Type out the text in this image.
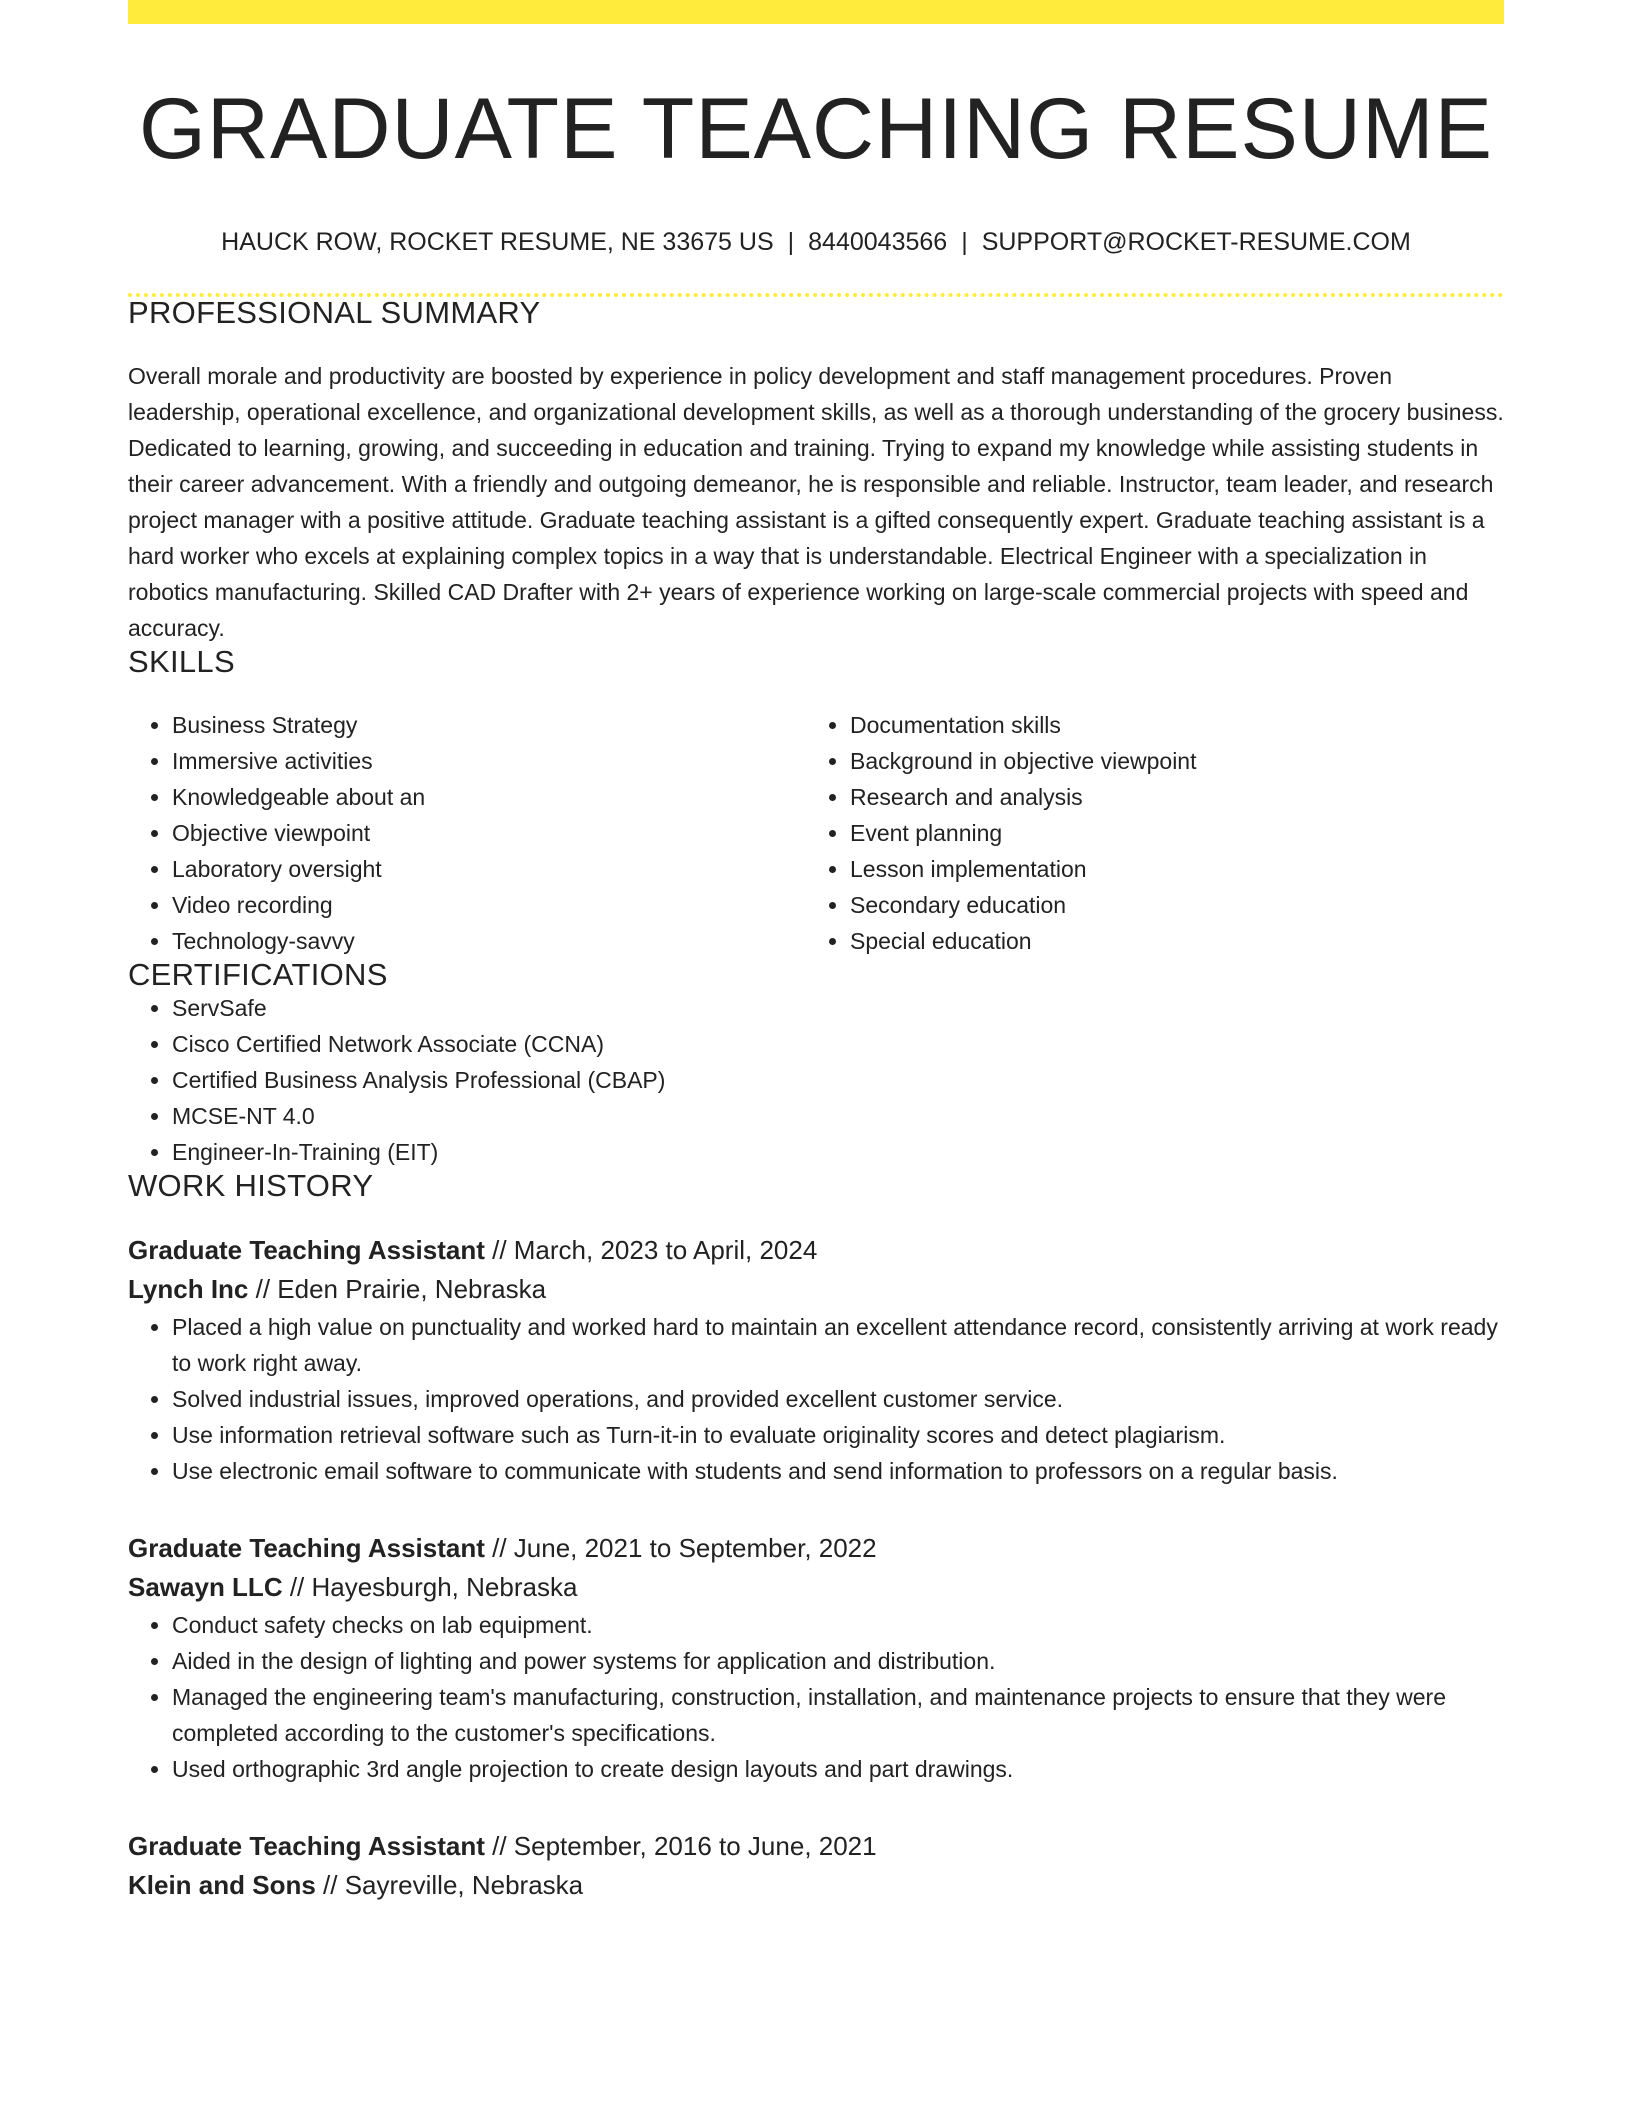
GRADUATE TEACHING RESUME
HAUCK ROW, ROCKET RESUME, NE 33675 US | 8440043566 | SUPPORT@ROCKET-RESUME.COM
PROFESSIONAL SUMMARY
Overall morale and productivity are boosted by experience in policy development and staff management procedures. Proven leadership, operational excellence, and organizational development skills, as well as a thorough understanding of the grocery business. Dedicated to learning, growing, and succeeding in education and training. Trying to expand my knowledge while assisting students in their career advancement. With a friendly and outgoing demeanor, he is responsible and reliable. Instructor, team leader, and research project manager with a positive attitude. Graduate teaching assistant is a gifted consequently expert. Graduate teaching assistant is a hard worker who excels at explaining complex topics in a way that is understandable. Electrical Engineer with a specialization in robotics manufacturing. Skilled CAD Drafter with 2+ years of experience working on large-scale commercial projects with speed and accuracy.
SKILLS
• Business Strategy
• Immersive activities
• Knowledgeable about an
• Objective viewpoint
• Laboratory oversight
• Video recording
• Technology-savvy
• Documentation skills
• Background in objective viewpoint
• Research and analysis
• Event planning
• Lesson implementation
• Secondary education
• Special education
CERTIFICATIONS
• ServSafe
• Cisco Certified Network Associate (CCNA)
• Certified Business Analysis Professional (CBAP)
• MCSE-NT 4.0
• Engineer-In-Training (EIT)
WORK HISTORY
Graduate Teaching Assistant // March, 2023 to April, 2024
Lynch Inc // Eden Prairie, Nebraska
• Placed a high value on punctuality and worked hard to maintain an excellent attendance record, consistently arriving at work ready to work right away.
• Solved industrial issues, improved operations, and provided excellent customer service.
• Use information retrieval software such as Turn-it-in to evaluate originality scores and detect plagiarism.
• Use electronic email software to communicate with students and send information to professors on a regular basis.
Graduate Teaching Assistant // June, 2021 to September, 2022
Sawayn LLC // Hayesburgh, Nebraska
• Conduct safety checks on lab equipment.
• Aided in the design of lighting and power systems for application and distribution.
• Managed the engineering team's manufacturing, construction, installation, and maintenance projects to ensure that they were completed according to the customer's specifications.
• Used orthographic 3rd angle projection to create design layouts and part drawings.
Graduate Teaching Assistant // September, 2016 to June, 2021
Klein and Sons // Sayreville, Nebraska
